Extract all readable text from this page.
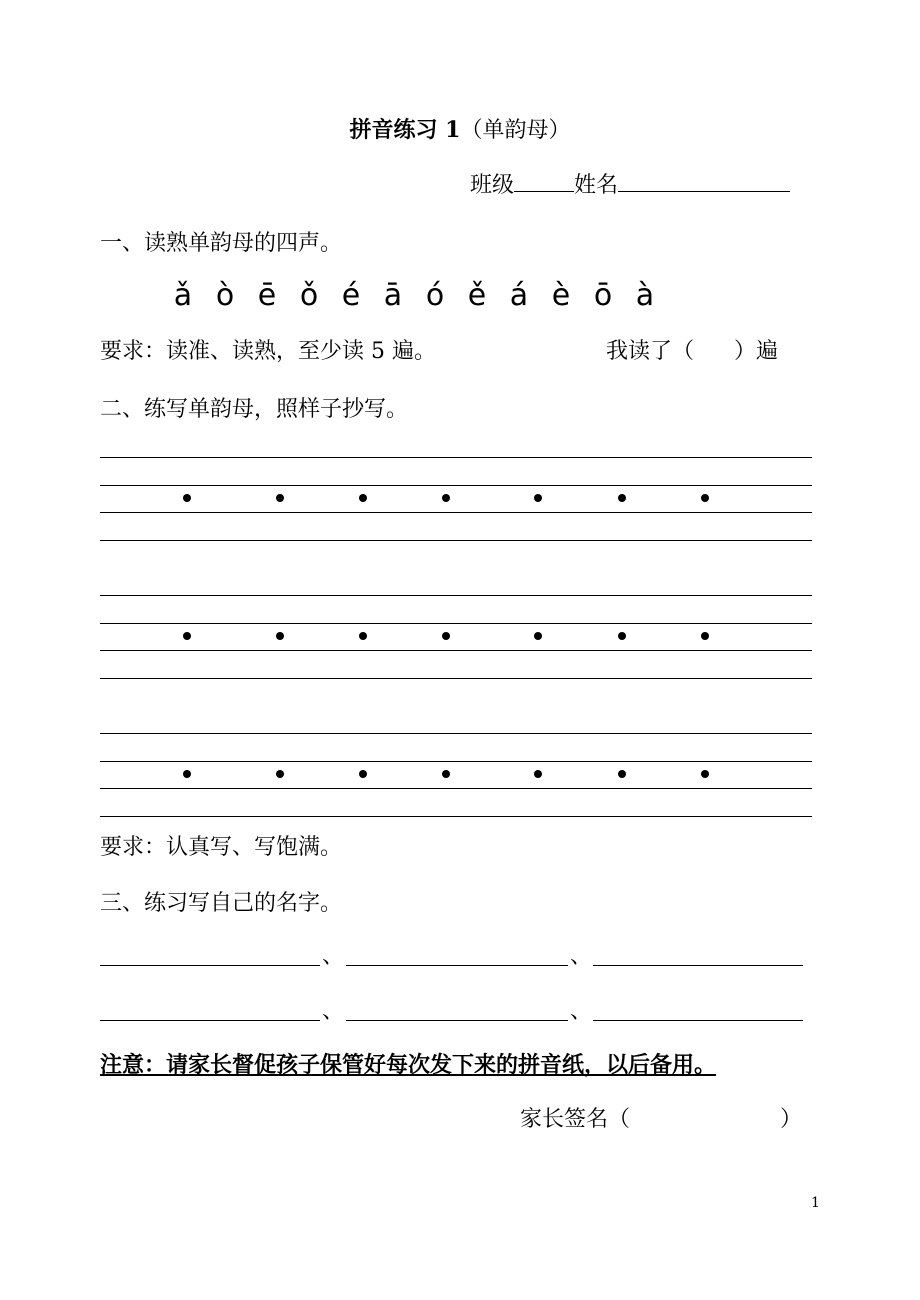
拼音练习 1（单韵母）
班级	姓名
一、读熟单韵母的四声。
ǎ ò ē ǒ é ā ó ě á è ō à
要求：读准、读熟，至少读 5 遍。	我读了（ ）遍
二、练写单韵母，照样子抄写。
要求：认真写、写饱满。
三、练习写自己的名字。
、	、
、	、
注意：请家长督促孩子保管好每次发下来的拼音纸，以后备用。
家长签名（	）
1
